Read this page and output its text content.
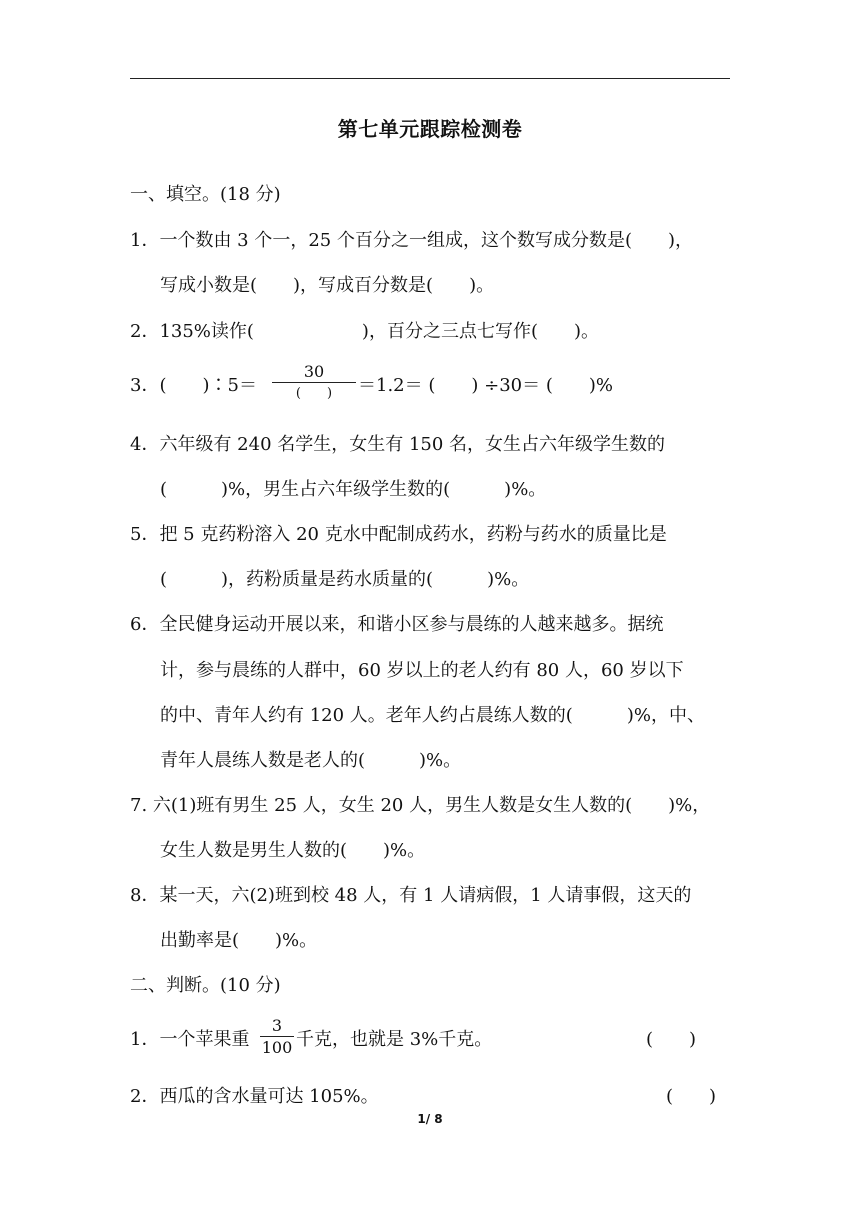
第七单元跟踪检测卷
一、填空。(18 分)
1．一个数由 3 个一，25 个百分之一组成，这个数写成分数是(　　)，
写成小数是(　　)，写成百分数是(　　)。
2．135%读作(　　　　　　)，百分之三点七写作(　　)。
3．(　　)∶5＝
30
(　　)	＝1.2＝ (　　) ÷30＝ (　　)%
4．六年级有 240 名学生，女生有 150 名，女生占六年级学生数的
(　　　)%，男生占六年级学生数的(　　　)%。
5．把 5 克药粉溶入 20 克水中配制成药水，药粉与药水的质量比是
(　　　)，药粉质量是药水质量的(　　　)%。
6．全民健身运动开展以来，和谐小区参与晨练的人越来越多。据统
计，参与晨练的人群中，60 岁以上的老人约有 80 人，60 岁以下
的中、青年人约有 120 人。老年人约占晨练人数的(　　　)%，中、
青年人晨练人数是老人的(　　　)%。
7. 六(1)班有男生 25 人，女生 20 人，男生人数是女生人数的(　　)%，
女生人数是男生人数的(　　)%。
8．某一天，六(2)班到校 48 人，有 1 人请病假，1 人请事假，这天的
出勤率是(　　)%。
二、判断。(10 分)
1．一个苹果重 $\frac{3}{100}$ 千克，也就是 3%千克。	(　　)
2．西瓜的含水量可达 105%。	(　　)
1/ 8
